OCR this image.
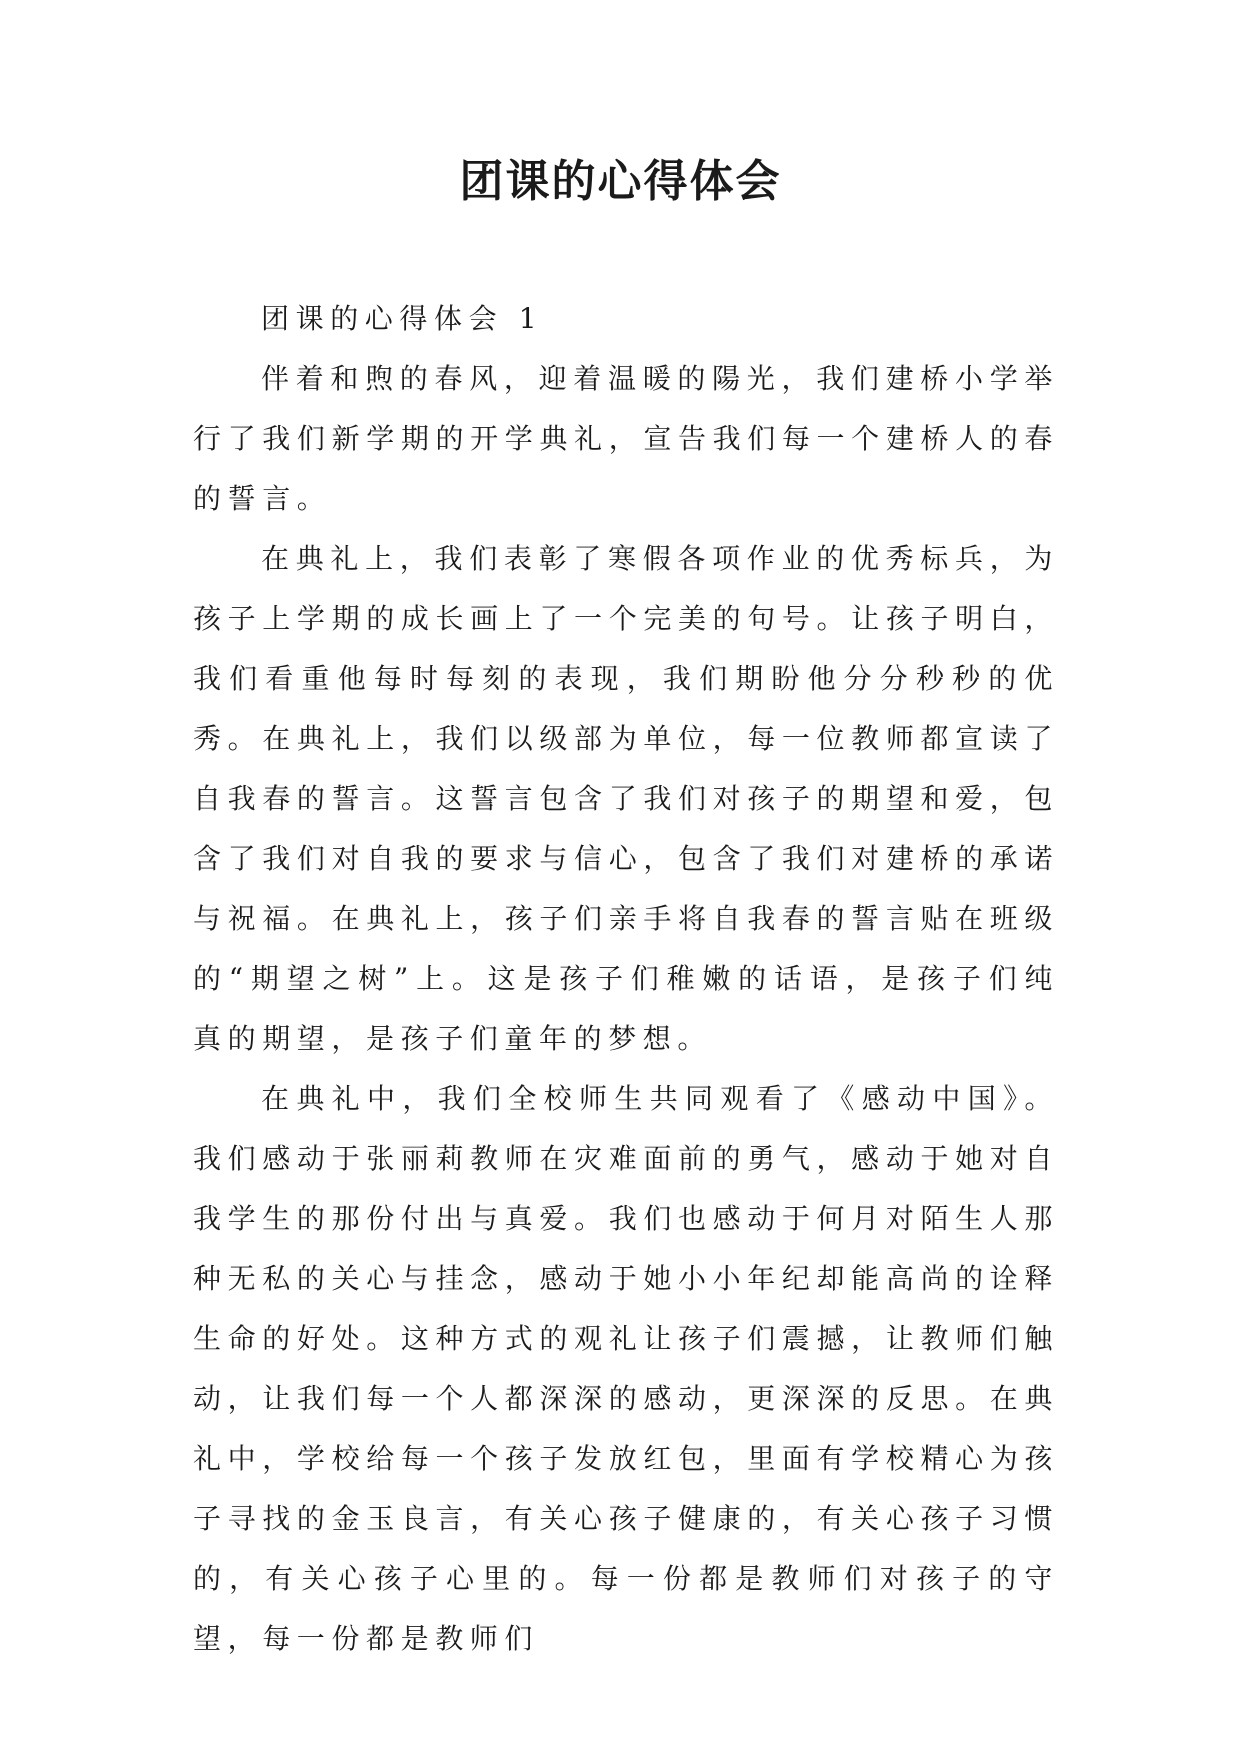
团课的心得体会

团课的心得体会 1

伴着和煦的春风，迎着温暖的陽光，我们建桥小学举行了我们新学期的开学典礼，宣告我们每一个建桥人的春的誓言。

在典礼上，我们表彰了寒假各项作业的优秀标兵，为孩子上学期的成长画上了一个完美的句号。让孩子明白，我们看重他每时每刻的表现，我们期盼他分分秒秒的优秀。在典礼上，我们以级部为单位，每一位教师都宣读了自我春的誓言。这誓言包含了我们对孩子的期望和爱，包含了我们对自我的要求与信心，包含了我们对建桥的承诺与祝福。在典礼上，孩子们亲手将自我春的誓言贴在班级的“期望之树”上。这是孩子们稚嫩的话语，是孩子们纯真的期望，是孩子们童年的梦想。

在典礼中，我们全校师生共同观看了《感动中国》。我们感动于张丽莉教师在灾难面前的勇气，感动于她对自我学生的那份付出与真爱。我们也感动于何月对陌生人那种无私的关心与挂念，感动于她小小年纪却能高尚的诠释生命的好处。这种方式的观礼让孩子们震撼，让教师们触动，让我们每一个人都深深的感动，更深深的反思。在典礼中，学校给每一个孩子发放红包，里面有学校精心为孩子寻找的金玉良言，有关心孩子健康的，有关心孩子习惯的，有关心孩子心里的。每一份都是教师们对孩子的守望，每一份都是教师们
